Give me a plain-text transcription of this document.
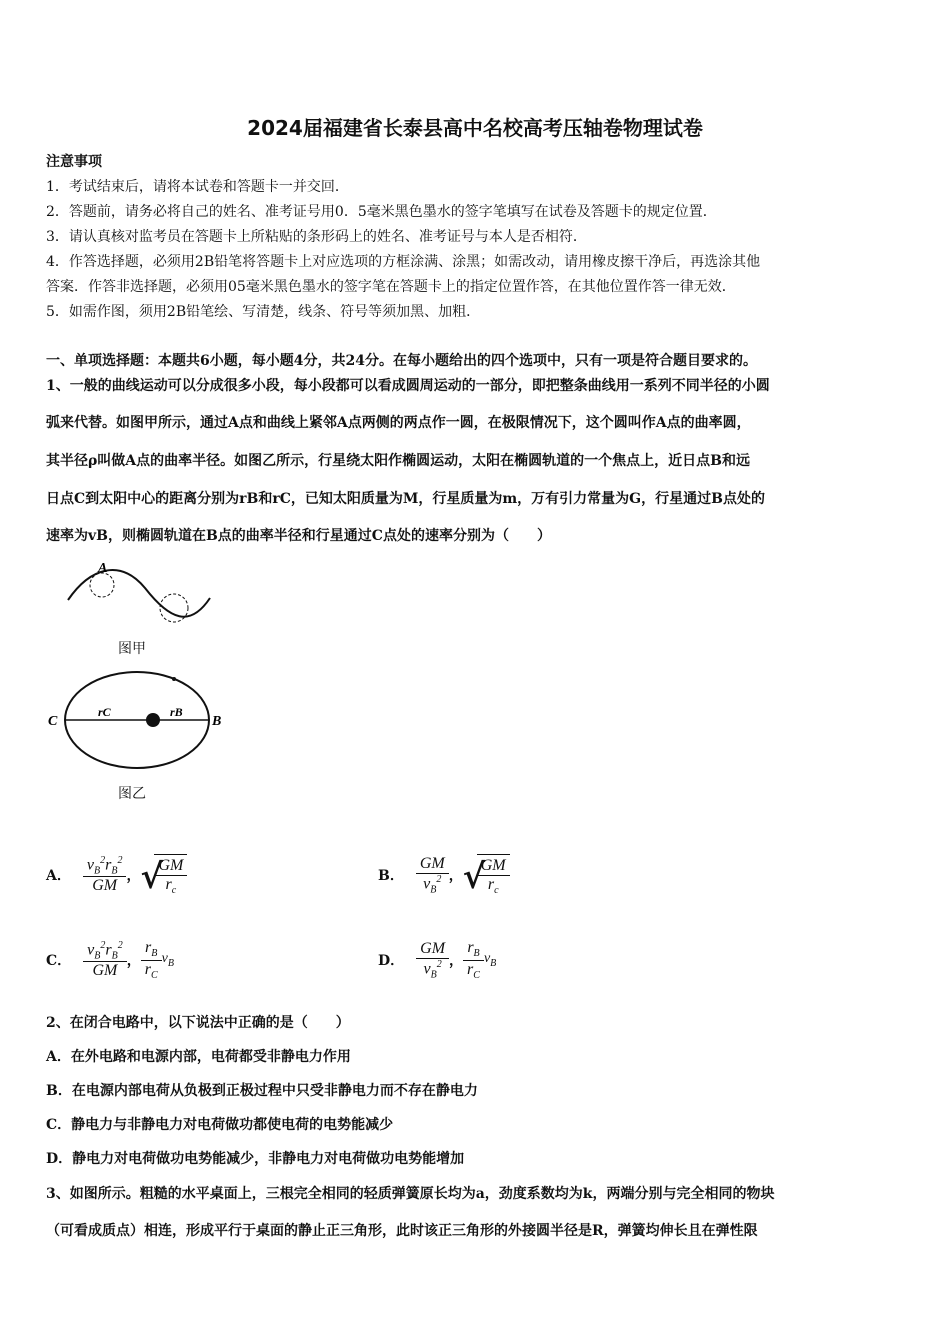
2024届福建省长泰县高中名校高考压轴卷物理试卷
注意事项
1．考试结束后，请将本试卷和答题卡一并交回．
2．答题前，请务必将自己的姓名、准考证号用0．5毫米黑色墨水的签字笔填写在试卷及答题卡的规定位置．
3．请认真核对监考员在答题卡上所粘贴的条形码上的姓名、准考证号与本人是否相符．
4．作答选择题，必须用2B铅笔将答题卡上对应选项的方框涂满、涂黑；如需改动，请用橡皮擦干净后，再选涂其他
答案．作答非选择题，必须用05毫米黑色墨水的签字笔在答题卡上的指定位置作答，在其他位置作答一律无效．
5．如需作图，须用2B铅笔绘、写清楚，线条、符号等须加黑、加粗．
一、单项选择题：本题共6小题，每小题4分，共24分。在每小题给出的四个选项中，只有一项是符合题目要求的。
1、一般的曲线运动可以分成很多小段，每小段都可以看成圆周运动的一部分，即把整条曲线用一系列不同半径的小圆
弧来代替。如图甲所示，通过A点和曲线上紧邻A点两侧的两点作一圆，在极限情况下，这个圆叫作A点的曲率圆，
其半径ρ叫做A点的曲率半径。如图乙所示，行星绕太阳作椭圆运动，太阳在椭圆轨道的一个焦点上，近日点B和远
日点C到太阳中心的距离分别为rB和rC，已知太阳质量为M，行星质量为m，万有引力常量为G，行星通过B点处的
速率为vB，则椭圆轨道在B点的曲率半径和行星通过C点处的速率分别为（　　）
A
图甲
C	B
rC	rB
图乙
A． $\frac{v_B^2r_B^2}{GM}$ ， √
$\frac{GM}{r_c}$	B． $\frac{GM}{v_B^2}$ ， √
$\frac{GM}{r_c}$
C． $\frac{v_B^2r_B^2}{GM}$ ， $\frac{r_B}{r_C} v_B$	D． $\frac{GM}{v_B^2}$ ， $\frac{r_B}{r_C} v_B$
2、在闭合电路中，以下说法中正确的是（　　）
A．在外电路和电源内部，电荷都受非静电力作用
B．在电源内部电荷从负极到正极过程中只受非静电力而不存在静电力
C．静电力与非静电力对电荷做功都使电荷的电势能减少
D．静电力对电荷做功电势能减少，非静电力对电荷做功电势能增加
3、如图所示。粗糙的水平桌面上，三根完全相同的轻质弹簧原长均为a，劲度系数均为k，两端分别与完全相同的物块
（可看成质点）相连，形成平行于桌面的静止正三角形，此时该正三角形的外接圆半径是R，弹簧均伸长且在弹性限
